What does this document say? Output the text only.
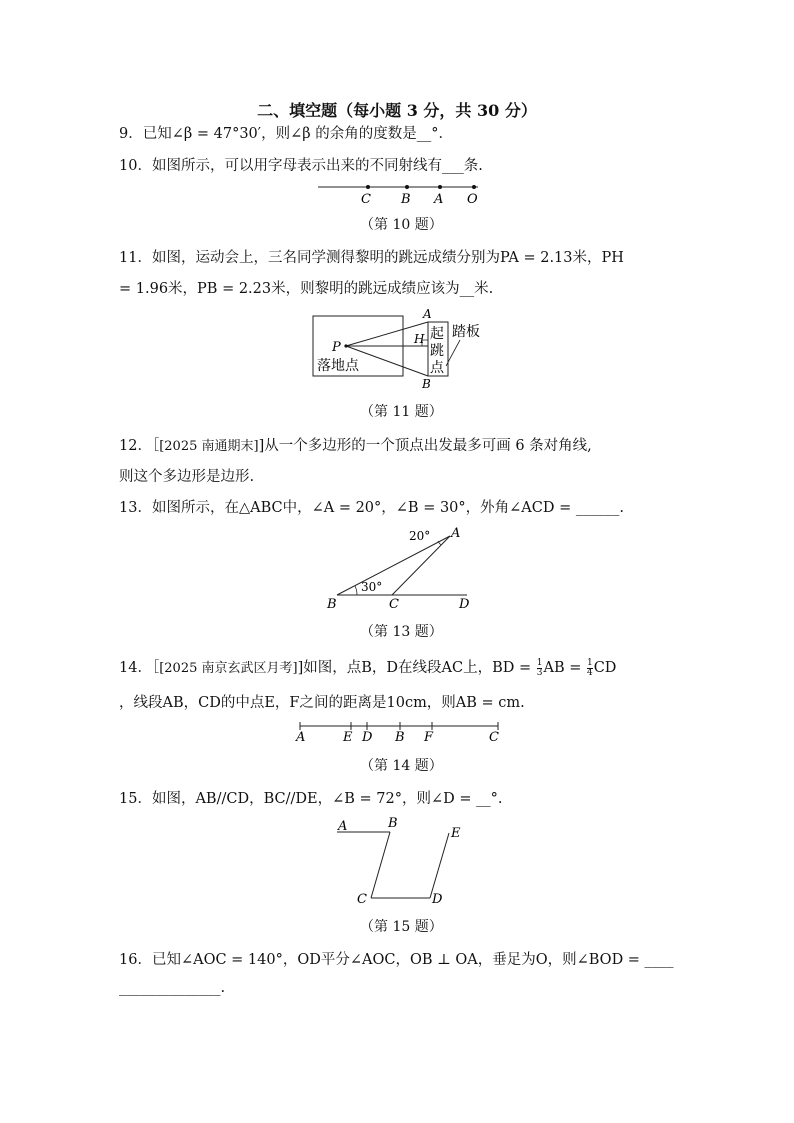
二、填空题（每小题 3 分，共 30 分）
9．已知∠β = 47°30′，则∠β 的余角的度数是__°．
10．如图所示，可以用字母表示出来的不同射线有___条.
C B A O
（第 10 题）
11．如图，运动会上，三名同学测得黎明的跳远成绩分别为PA = 2.13米，PH
= 1.96米，PB = 2.23米，则黎明的跳远成绩应该为__米.
A
P
H
B
落地点
踏板
起
跳
点
（第 11 题）
12．［[2025 南通期末]]从一个多边形的一个顶点出发最多可画 6 条对角线,
则这个多边形是边形.
13．如图所示，在△ABC中，∠A = 20°，∠B = 30°，外角∠ACD = ______.
20°
30°
A
B	C	D
（第 13 题）
14．［[2025 南京玄武区月考]]如图，点B，D在线段AC上，BD = $\frac{1}{3}$ AB = $\frac{1}{4}$ CD
，线段AB，CD的中点E，F之间的距离是10cm，则AB = cm.
A	E D B F	C
（第 14 题）
15．如图，AB//CD，BC//DE，∠B = 72°，则∠D = __°.
A	B
C	D
E
（第 15 题）
16．已知∠AOC = 140°，OD平分∠AOC，OB ⊥ OA，垂足为O，则∠BOD = ____
______________.
